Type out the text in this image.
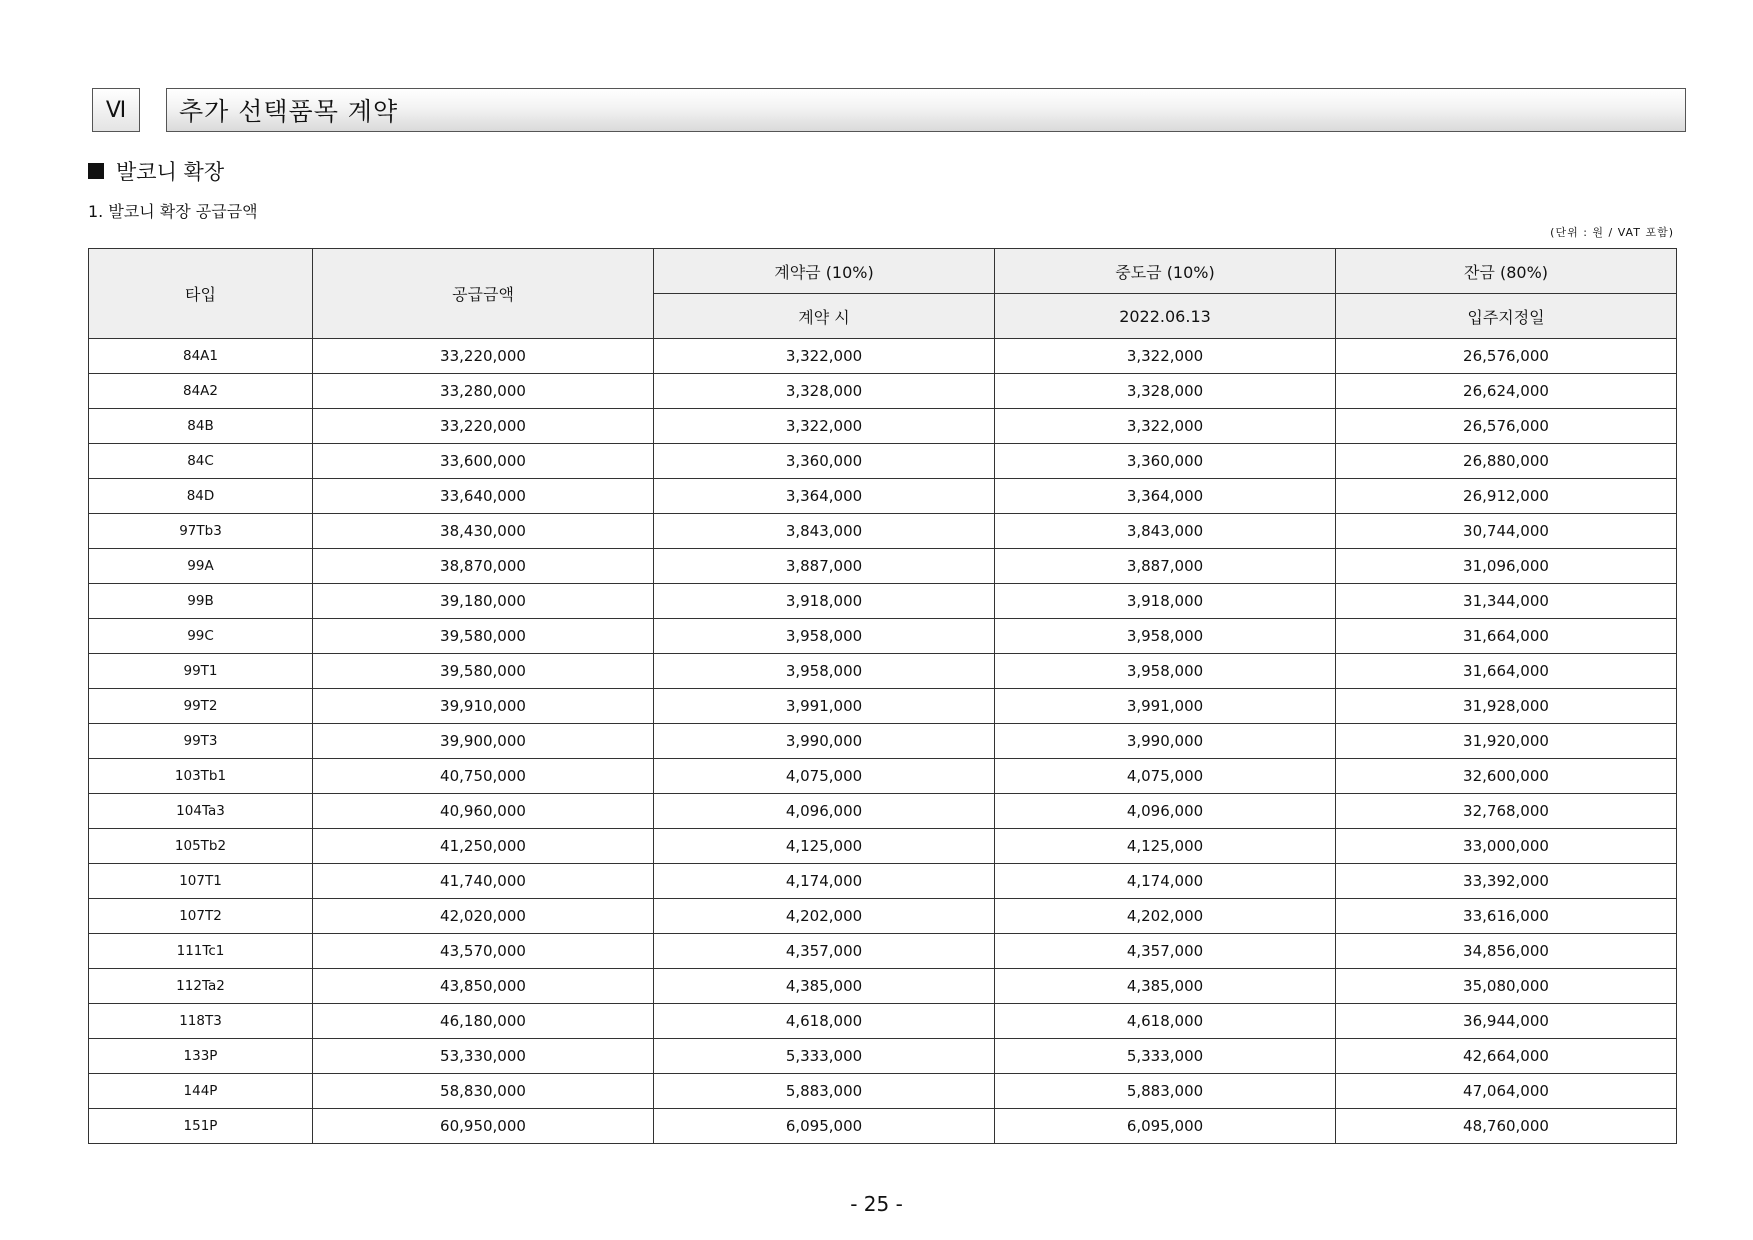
Ⅵ	추가 선택품목 계약
발코니 확장
1. 발코니 확장 공급금액
(단위 : 원 / VAT 포함)
타입	공급금액	계약금 (10%)	중도금 (10%)	잔금 (80%)
		계약 시	2022.06.13	입주지정일
84A1	33,220,000	3,322,000	3,322,000	26,576,000
84A2	33,280,000	3,328,000	3,328,000	26,624,000
84B	33,220,000	3,322,000	3,322,000	26,576,000
84C	33,600,000	3,360,000	3,360,000	26,880,000
84D	33,640,000	3,364,000	3,364,000	26,912,000
97Tb3	38,430,000	3,843,000	3,843,000	30,744,000
99A	38,870,000	3,887,000	3,887,000	31,096,000
99B	39,180,000	3,918,000	3,918,000	31,344,000
99C	39,580,000	3,958,000	3,958,000	31,664,000
99T1	39,580,000	3,958,000	3,958,000	31,664,000
99T2	39,910,000	3,991,000	3,991,000	31,928,000
99T3	39,900,000	3,990,000	3,990,000	31,920,000
103Tb1	40,750,000	4,075,000	4,075,000	32,600,000
104Ta3	40,960,000	4,096,000	4,096,000	32,768,000
105Tb2	41,250,000	4,125,000	4,125,000	33,000,000
107T1	41,740,000	4,174,000	4,174,000	33,392,000
107T2	42,020,000	4,202,000	4,202,000	33,616,000
111Tc1	43,570,000	4,357,000	4,357,000	34,856,000
112Ta2	43,850,000	4,385,000	4,385,000	35,080,000
118T3	46,180,000	4,618,000	4,618,000	36,944,000
133P	53,330,000	5,333,000	5,333,000	42,664,000
144P	58,830,000	5,883,000	5,883,000	47,064,000
151P	60,950,000	6,095,000	6,095,000	48,760,000
- 25 -
